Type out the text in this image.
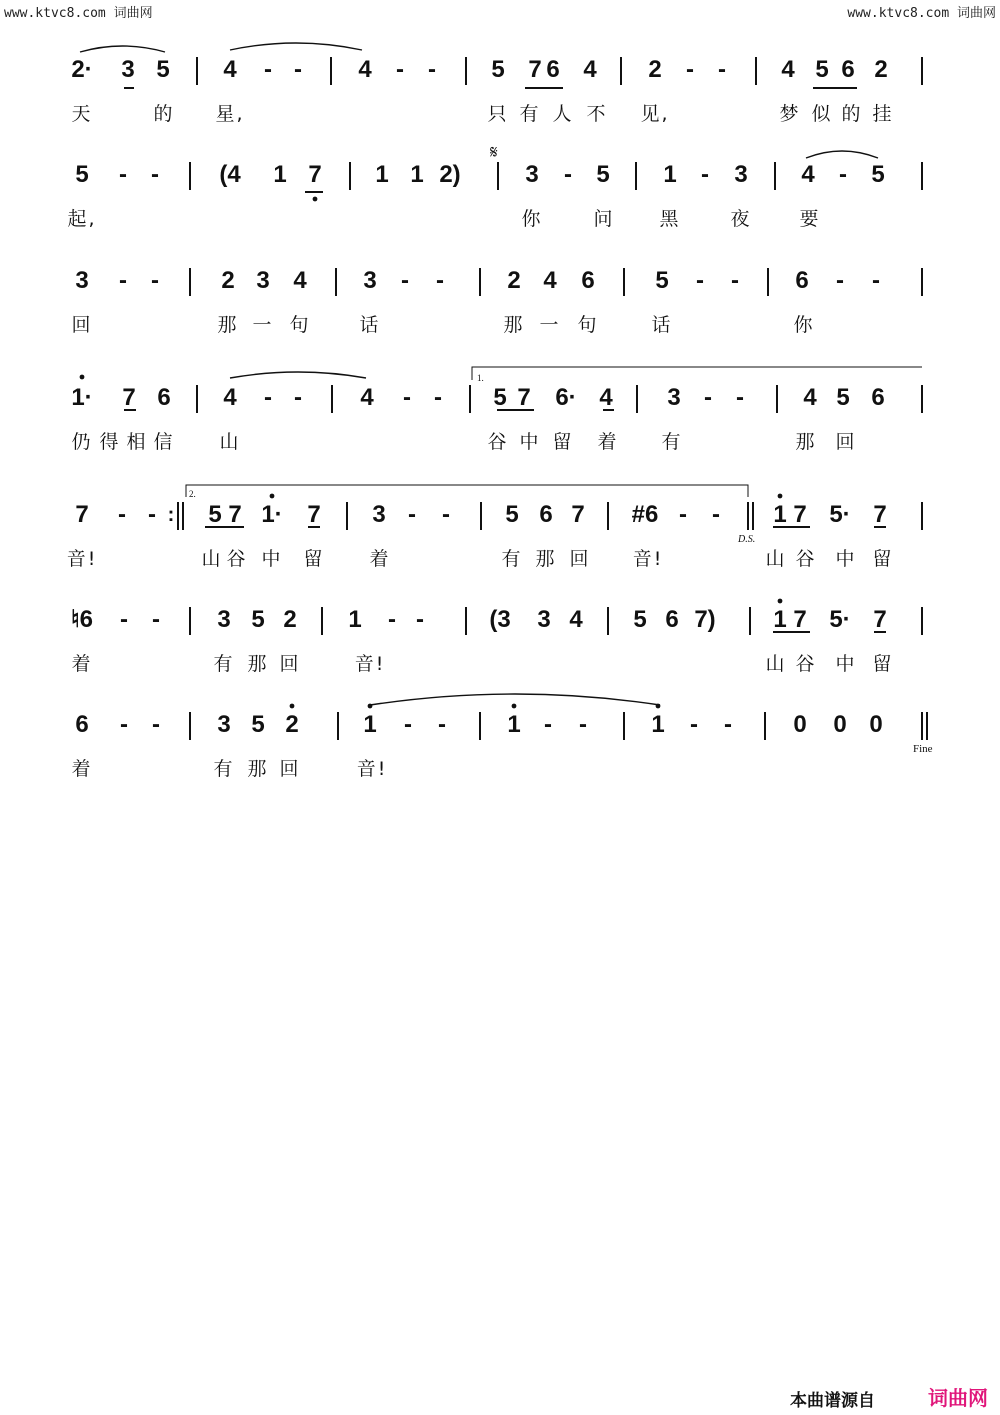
www.ktvc8.com 词曲网	www.ktvc8.com 词曲网
2· 3 5 4 - - 4 - - 5 7 6 4 2 - - 4 5 6 2
天	的 星,	只 有 人 不 见,	梦 似 的 挂
5 - -	(4 1 7 1 1 2)	3 - 5 1 - 3 4 - 5
起,	你	问 黑	夜	要
3 - -	2 3 4 3 - -	2 4 6	5 - - 6 - -
回	那 一 句	话	那 一 句	话	你
1· 7 6 4 - - 4 - - 5 7 6· 4 3 - - 4 5 6
仍 得 相 信 山	谷 中 留 着 有	那 回
7 - - : 5 7 1· 7 3 - - 5 6 7 #6 - - 1 7 5· 7
音!	山 谷 中 留 着	有 那 回 音!	山 谷 中 留
♮6 - - 3 5 2 1 - -	(3 3 4 5 6 7) 1 7 5· 7
着	有 那 回	音!	山 谷 中 留
6 - - 3 5 2	1 - -	1 - -	1 - -	0 0 0
着	有 那 回	音!
𝄋
1.
2.
D.S.
Fine
本曲谱源自	词曲网
